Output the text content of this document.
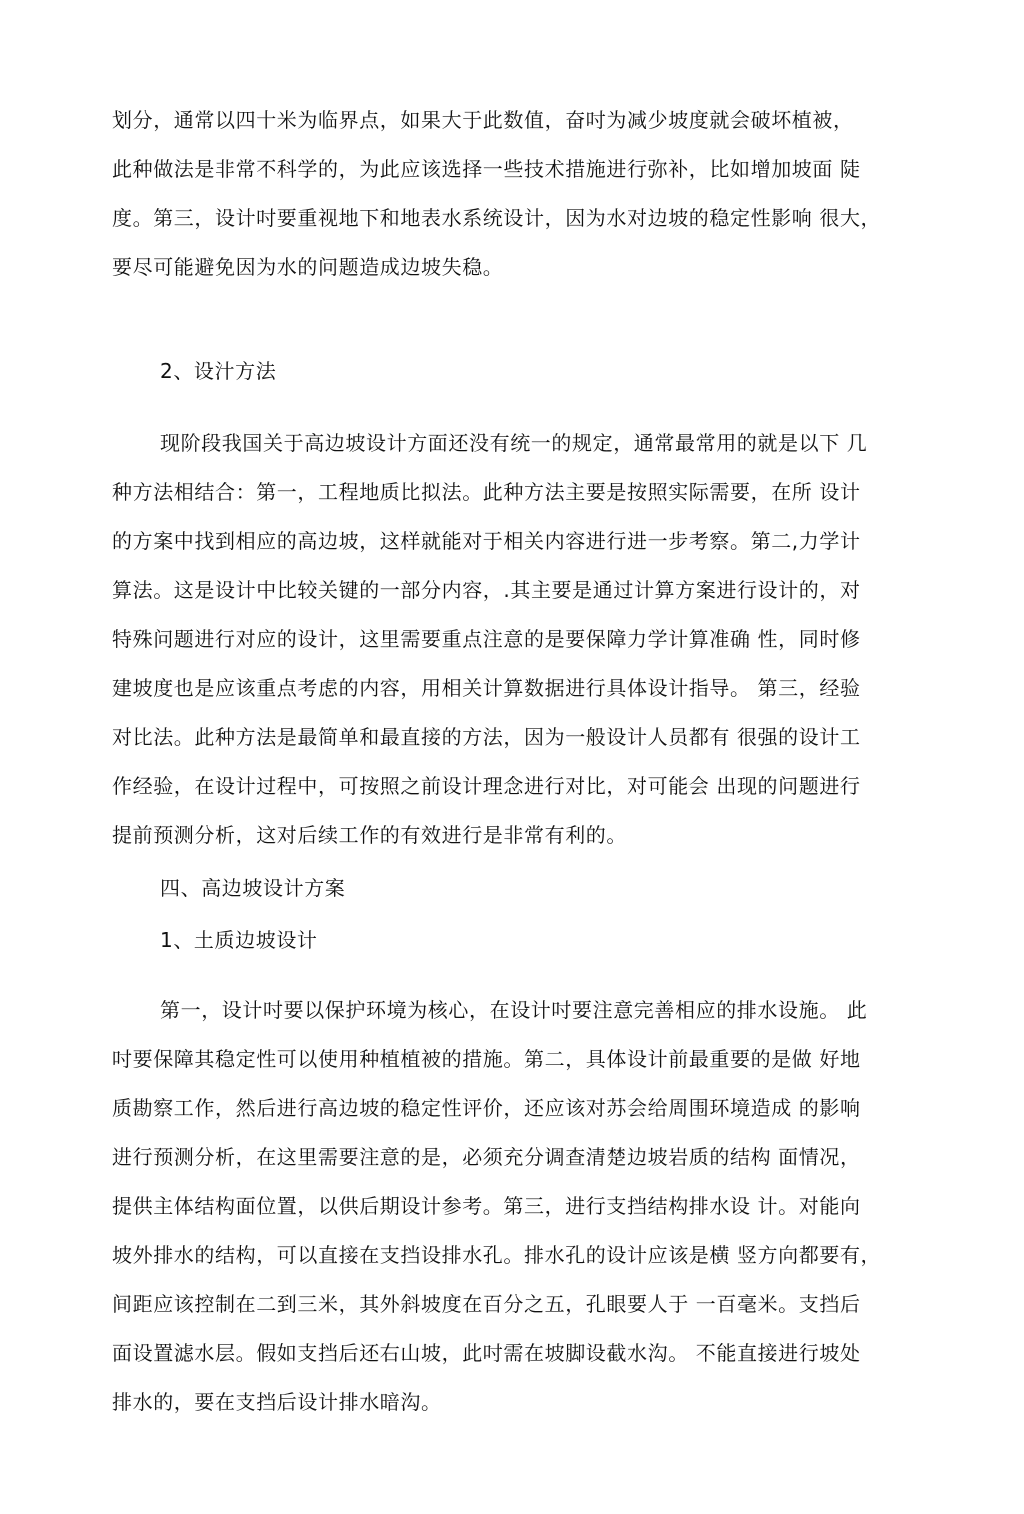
划分，通常以四十米为临界点，如果大于此数值，奋吋为减少坡度就会破坏植被，
此种做法是非常不科学的，为此应该选择一些技术措施进行弥补，比如增加坡面 陡
度。第三，设计吋要重视地下和地表水系统设计，因为水对边坡的稳定性影响 很大，
要尽可能避免因为水的问题造成边坡失稳。
2、设汁方法
现阶段我国关于高边坡设计方面还没有统一的规定，通常最常用的就是以下 几
种方法相结合：第一，工程地质比拟法。此种方法主要是按照实际需要，在所 设计
的方案中找到相应的高边坡，这样就能对于相关内容进行进一步考察。第二,力学计
算法。这是设计中比较关键的一部分内容，.其主要是通过计算方案进行设计的，对
特殊问题进行对应的设计，这里需要重点注意的是要保障力学计算准确 性，同时修
建坡度也是应该重点考虑的内容，用相关计算数据进行具体设计指导。 第三，经验
对比法。此种方法是最简单和最直接的方法，因为一般设计人员都有 很强的设计工
作经验，在设计过程中，可按照之前设计理念进行对比，对可能会 出现的问题进行
提前预测分析，这对后续工作的有效进行是非常有利的。
四、高边坡设计方案
1、土质边坡设计
第一，设计吋要以保护环境为核心，在设计吋要注意完善相应的排水设施。 此
吋要保障其稳定性可以使用种植植被的措施。第二，具体设计前最重要的是做 好地
质勘察工作，然后进行高边坡的稳定性评价，还应该对苏会给周围环境造成 的影响
进行预测分析，在这里需要注意的是，必须充分调查清楚边坡岩质的结构 面情况，
提供主体结构面位置，以供后期设计参考。第三，进行支挡结构排水设 计。对能向
坡外排水的结构，可以直接在支挡设排水孔。排水孔的设计应该是横 竖方向都要有，
间距应该控制在二到三米，其外斜坡度在百分之五，孔眼要人于 一百毫米。支挡后
面设置滤水层。假如支挡后还右山坡，此吋需在坡脚设截水沟。 不能直接进行坡处
排水的，要在支挡后设计排水暗沟。
